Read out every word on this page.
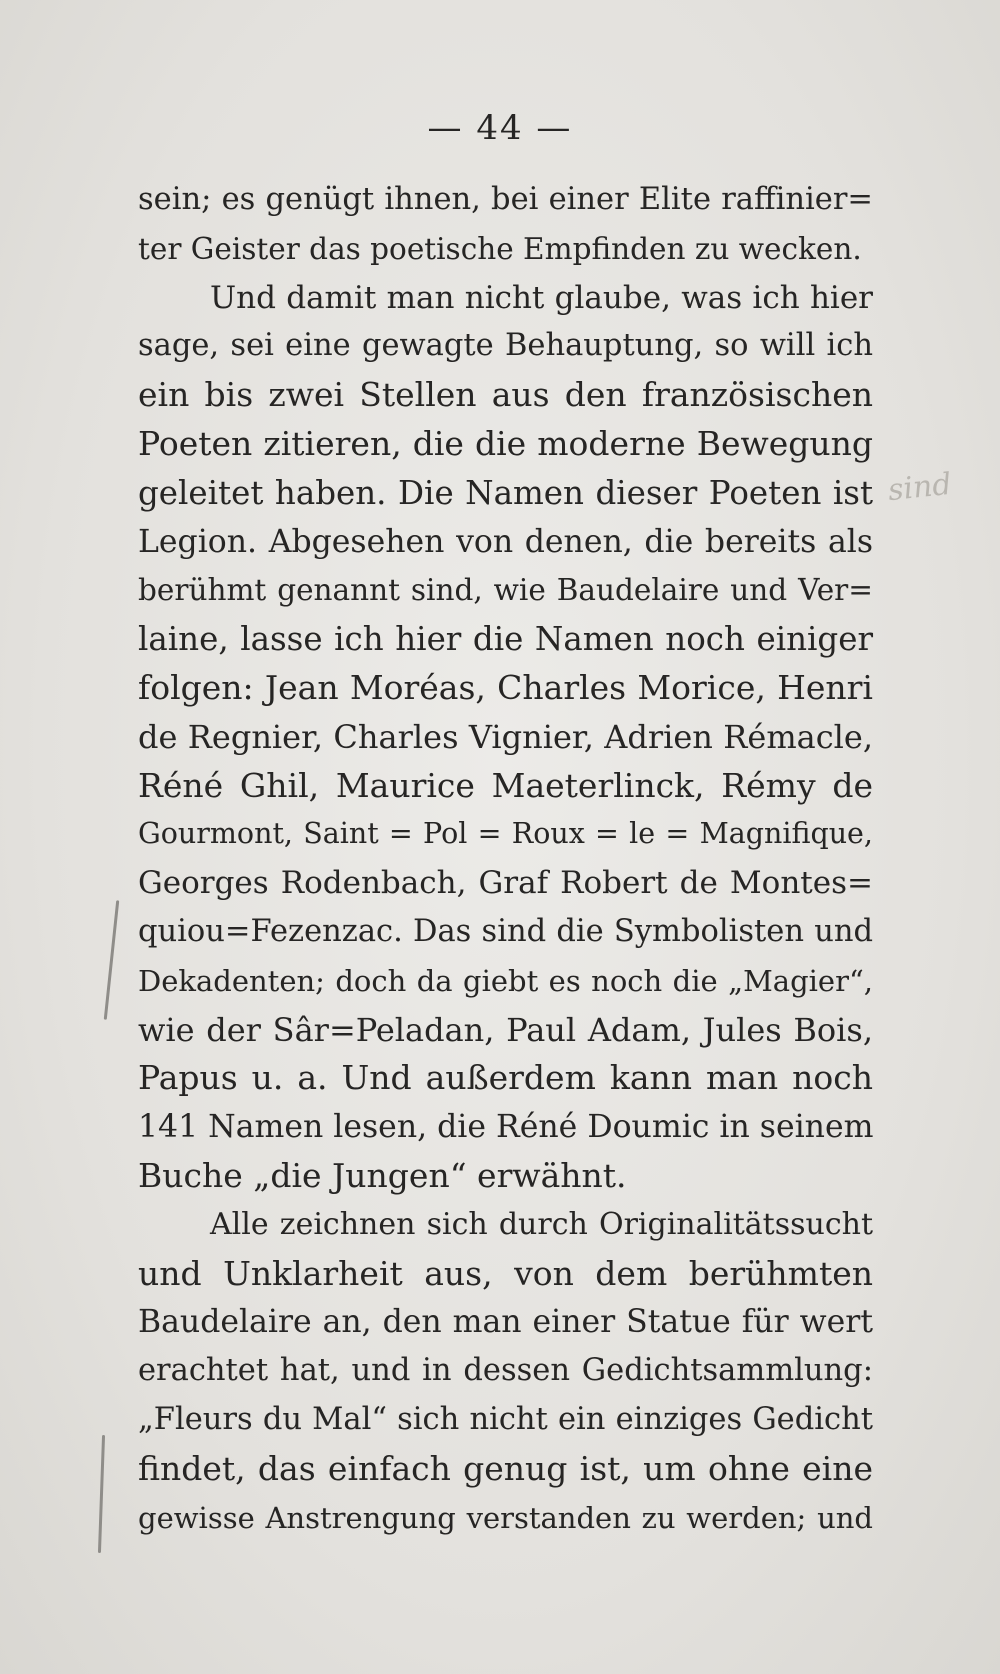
— 44 —
sein; es genügt ihnen, bei einer Elite raffinier=
ter Geister das poetische Empfinden zu wecken.
Und damit man nicht glaube, was ich hier
sage, sei eine gewagte Behauptung, so will ich
ein bis zwei Stellen aus den französischen
Poeten zitieren, die die moderne Bewegung
geleitet haben. Die Namen dieser Poeten ist
Legion. Abgesehen von denen, die bereits als
berühmt genannt sind, wie Baudelaire und Ver=
laine, lasse ich hier die Namen noch einiger
folgen: Jean Moréas, Charles Morice, Henri
de Regnier, Charles Vignier, Adrien Rémacle,
Réné Ghil, Maurice Maeterlinck, Rémy de
Gourmont, Saint = Pol = Roux = le = Magnifique,
Georges Rodenbach, Graf Robert de Montes=
quiou=Fezenzac. Das sind die Symbolisten und
Dekadenten; doch da giebt es noch die „Magier“,
wie der Sâr=Peladan, Paul Adam, Jules Bois,
Papus u. a. Und außerdem kann man noch
141 Namen lesen, die Réné Doumic in seinem
Buche „die Jungen“ erwähnt.
Alle zeichnen sich durch Originalitätssucht
und Unklarheit aus, von dem berühmten
Baudelaire an, den man einer Statue für wert
erachtet hat, und in dessen Gedichtsammlung:
„Fleurs du Mal“ sich nicht ein einziges Gedicht
findet, das einfach genug ist, um ohne eine
gewisse Anstrengung verstanden zu werden; und
sind
